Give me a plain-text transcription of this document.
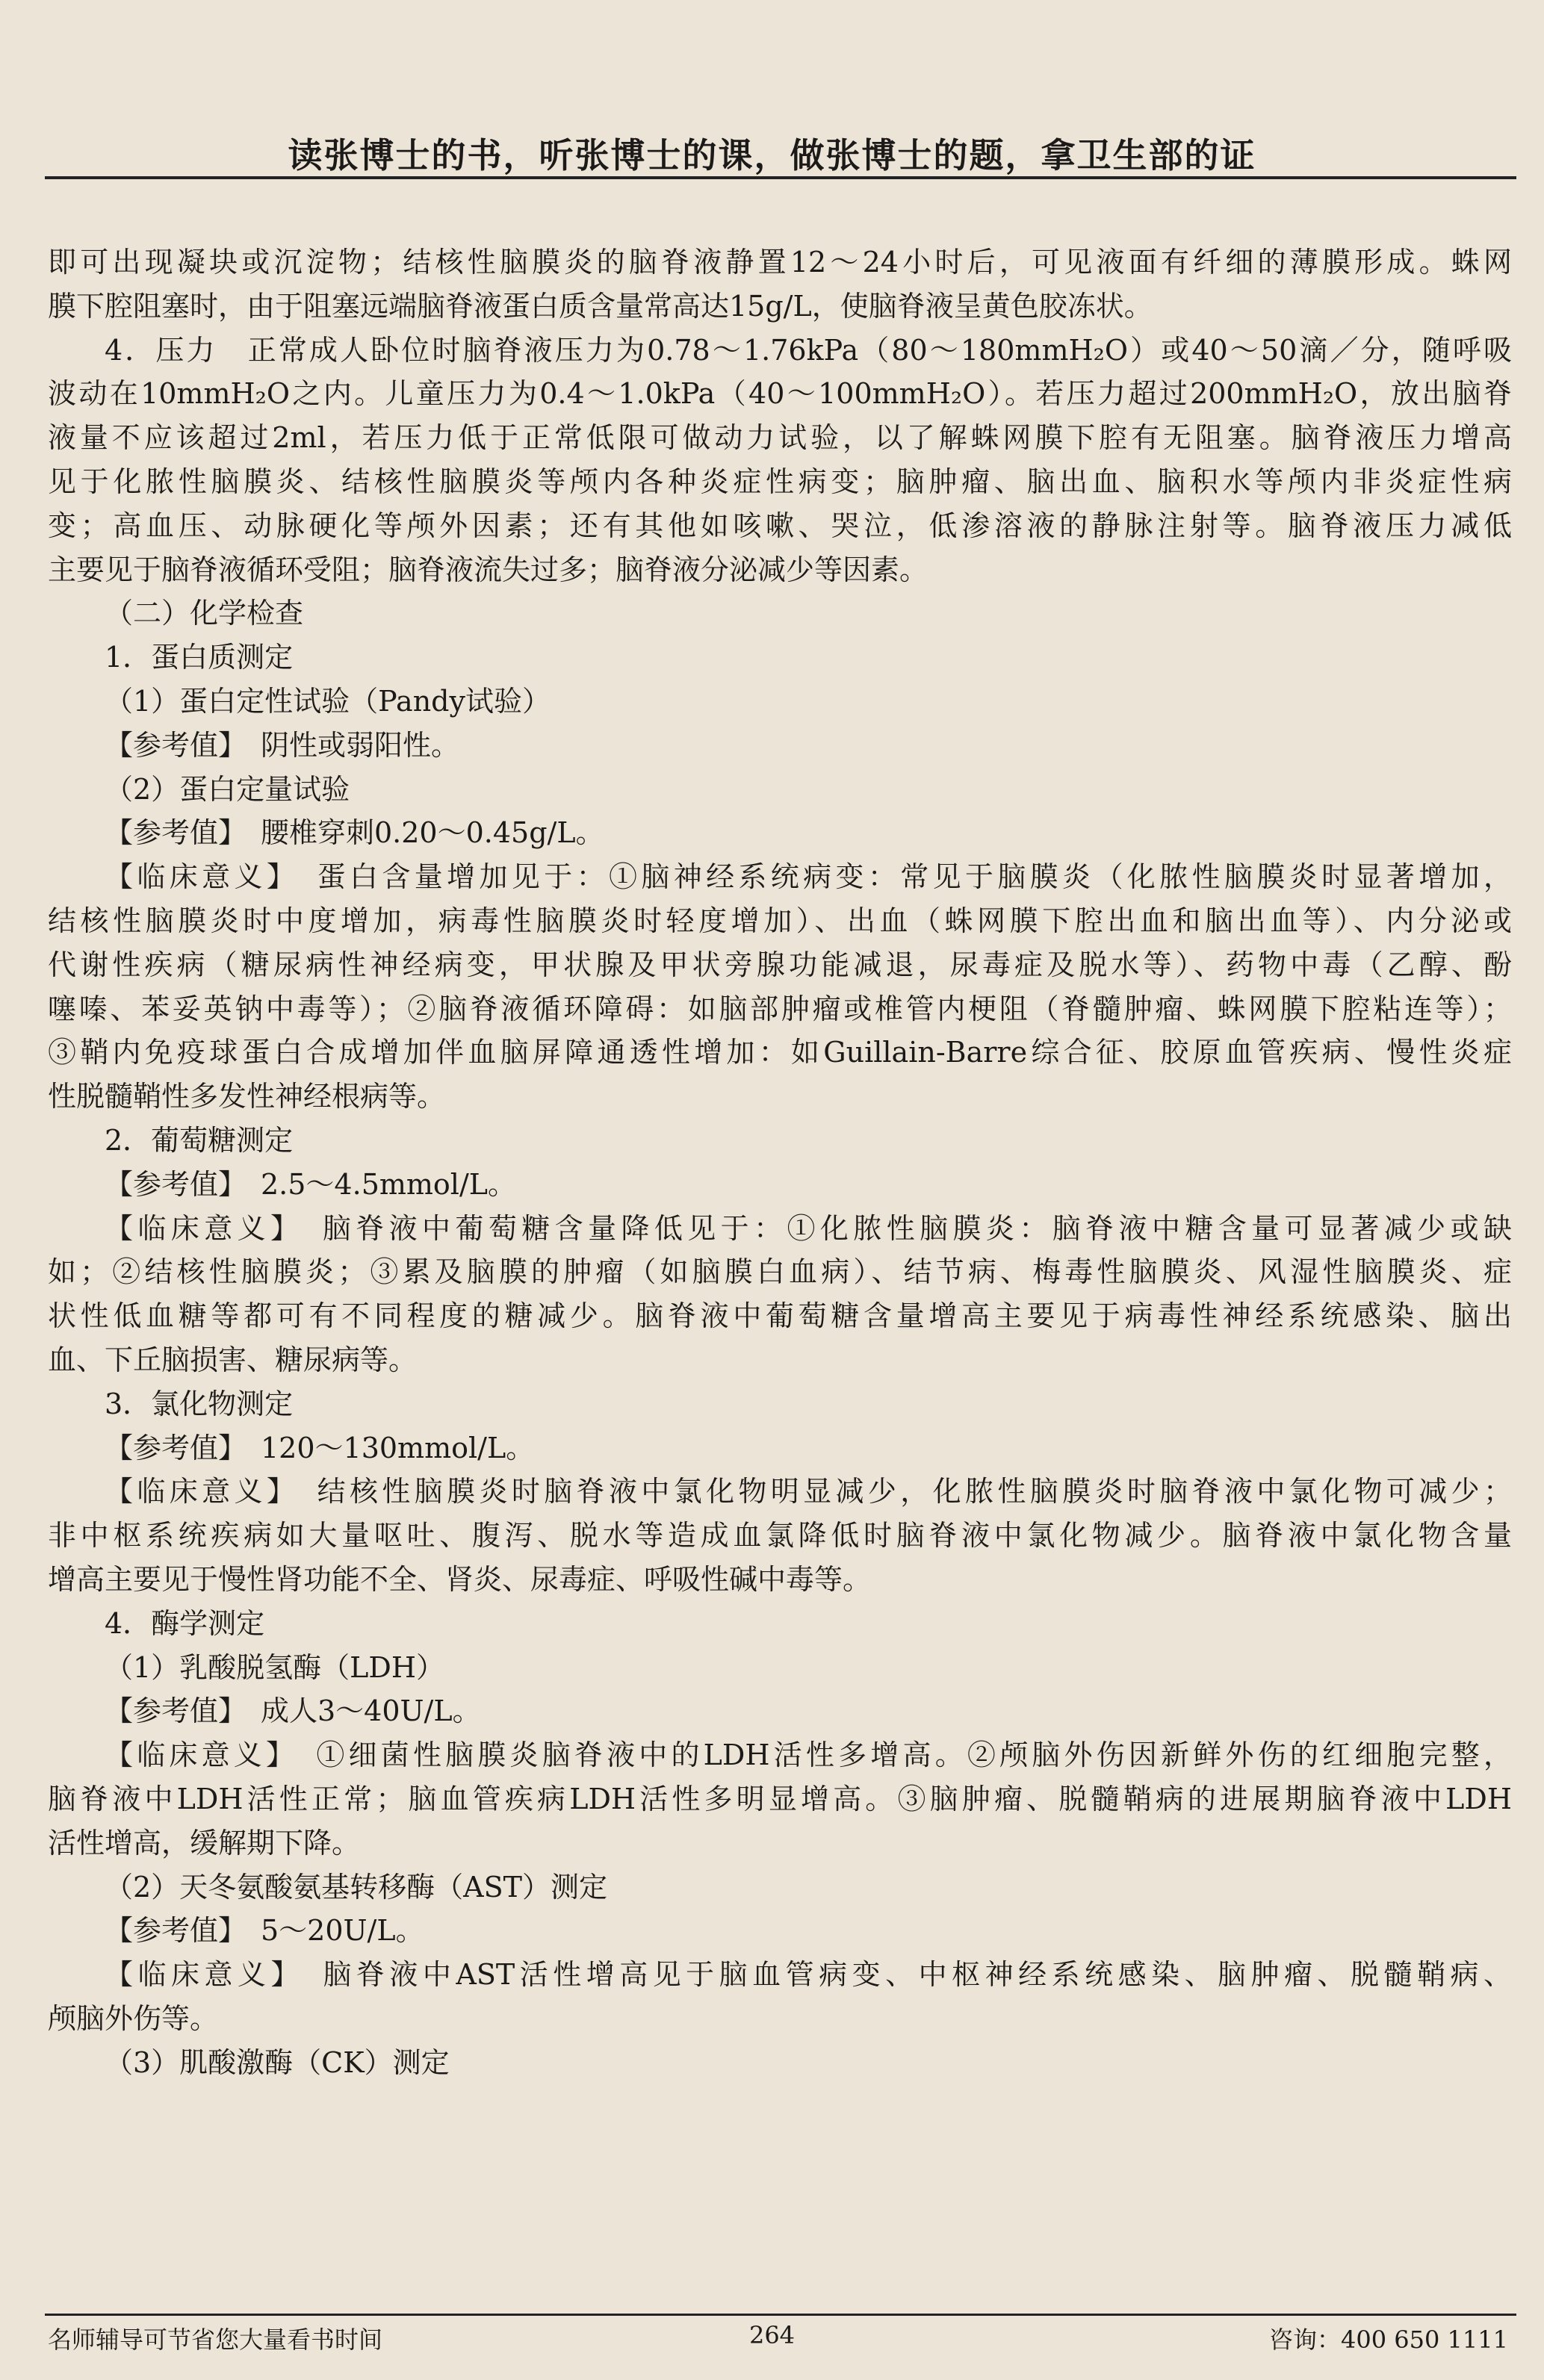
读张博士的书，听张博士的课，做张博士的题，拿卫生部的证
即可出现凝块或沉淀物；结核性脑膜炎的脑脊液静置12～24小时后，可见液面有纤细的薄膜形成。蛛网
膜下腔阻塞时，由于阻塞远端脑脊液蛋白质含量常高达15g/L，使脑脊液呈黄色胶冻状。
4．压力　正常成人卧位时脑脊液压力为0.78～1.76kPa（80～180mmH₂O）或40～50滴／分，随呼吸
波动在10mmH₂O之内。儿童压力为0.4～1.0kPa（40～100mmH₂O）。若压力超过200mmH₂O，放出脑脊
液量不应该超过2ml，若压力低于正常低限可做动力试验，以了解蛛网膜下腔有无阻塞。脑脊液压力增高
见于化脓性脑膜炎、结核性脑膜炎等颅内各种炎症性病变；脑肿瘤、脑出血、脑积水等颅内非炎症性病
变；高血压、动脉硬化等颅外因素；还有其他如咳嗽、哭泣，低渗溶液的静脉注射等。脑脊液压力减低
主要见于脑脊液循环受阻；脑脊液流失过多；脑脊液分泌减少等因素。
（二）化学检查
1．蛋白质测定
（1）蛋白定性试验（Pandy试验）
【参考值】　阴性或弱阳性。
（2）蛋白定量试验
【参考值】　腰椎穿刺0.20～0.45g/L。
【临床意义】　蛋白含量增加见于：①脑神经系统病变：常见于脑膜炎（化脓性脑膜炎时显著增加，
结核性脑膜炎时中度增加，病毒性脑膜炎时轻度增加）、出血（蛛网膜下腔出血和脑出血等）、内分泌或
代谢性疾病（糖尿病性神经病变，甲状腺及甲状旁腺功能减退，尿毒症及脱水等）、药物中毒（乙醇、酚
噻嗪、苯妥英钠中毒等）；②脑脊液循环障碍：如脑部肿瘤或椎管内梗阻（脊髓肿瘤、蛛网膜下腔粘连等）；
③鞘内免疫球蛋白合成增加伴血脑屏障通透性增加：如Guillain-Barre综合征、胶原血管疾病、慢性炎症
性脱髓鞘性多发性神经根病等。
2．葡萄糖测定
【参考值】　2.5～4.5mmol/L。
【临床意义】　脑脊液中葡萄糖含量降低见于：①化脓性脑膜炎：脑脊液中糖含量可显著减少或缺
如；②结核性脑膜炎；③累及脑膜的肿瘤（如脑膜白血病）、结节病、梅毒性脑膜炎、风湿性脑膜炎、症
状性低血糖等都可有不同程度的糖减少。脑脊液中葡萄糖含量增高主要见于病毒性神经系统感染、脑出
血、下丘脑损害、糖尿病等。
3．氯化物测定
【参考值】　120～130mmol/L。
【临床意义】　结核性脑膜炎时脑脊液中氯化物明显减少，化脓性脑膜炎时脑脊液中氯化物可减少；
非中枢系统疾病如大量呕吐、腹泻、脱水等造成血氯降低时脑脊液中氯化物减少。脑脊液中氯化物含量
增高主要见于慢性肾功能不全、肾炎、尿毒症、呼吸性碱中毒等。
4．酶学测定
（1）乳酸脱氢酶（LDH）
【参考值】　成人3～40U/L。
【临床意义】　①细菌性脑膜炎脑脊液中的LDH活性多增高。②颅脑外伤因新鲜外伤的红细胞完整，
脑脊液中LDH活性正常；脑血管疾病LDH活性多明显增高。③脑肿瘤、脱髓鞘病的进展期脑脊液中LDH
活性增高，缓解期下降。
（2）天冬氨酸氨基转移酶（AST）测定
【参考值】　5～20U/L。
【临床意义】　脑脊液中AST活性增高见于脑血管病变、中枢神经系统感染、脑肿瘤、脱髓鞘病、
颅脑外伤等。
（3）肌酸激酶（CK）测定
名师辅导可节省您大量看书时间	264	咨询：400 650 1111
